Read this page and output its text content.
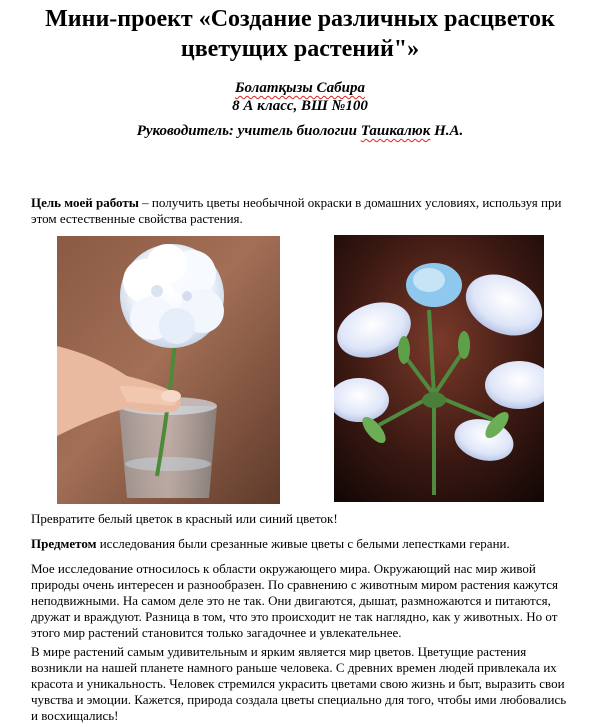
Мини-проект «Создание различных расцветок
цветущих растений"»
Болатқызы Сабира
8 А класс, ВШ №100
Руководитель: учитель биологии Ташкалюк Н.А.
Цель моей работы – получить цветы необычной окраски в домашних условиях, используя при этом естественные свойства растения.
Превратите белый цветок в красный или синий цветок!
Предметом исследования были срезанные живые цветы с белыми лепестками герани.
Мое исследование относилось к области окружающего мира. Окружающий нас мир живой природы очень интересен и разнообразен. По сравнению с животным миром растения кажутся неподвижными. На самом деле это не так. Они двигаются, дышат, размножаются и питаются, дружат и враждуют. Разница в том, что это происходит не так наглядно, как у животных. Но от этого мир растений становится только загадочнее и увлекательнее.
В мире растений самым удивительным и ярким является мир цветов. Цветущие растения возникли на нашей планете намного раньше человека. С древних времен людей привлекала их красота и уникальность. Человек стремился украсить цветами свою жизнь и быт, выразить свои чувства и эмоции. Кажется, природа создала цветы специально для того, чтобы ими любовались и восхищались!
